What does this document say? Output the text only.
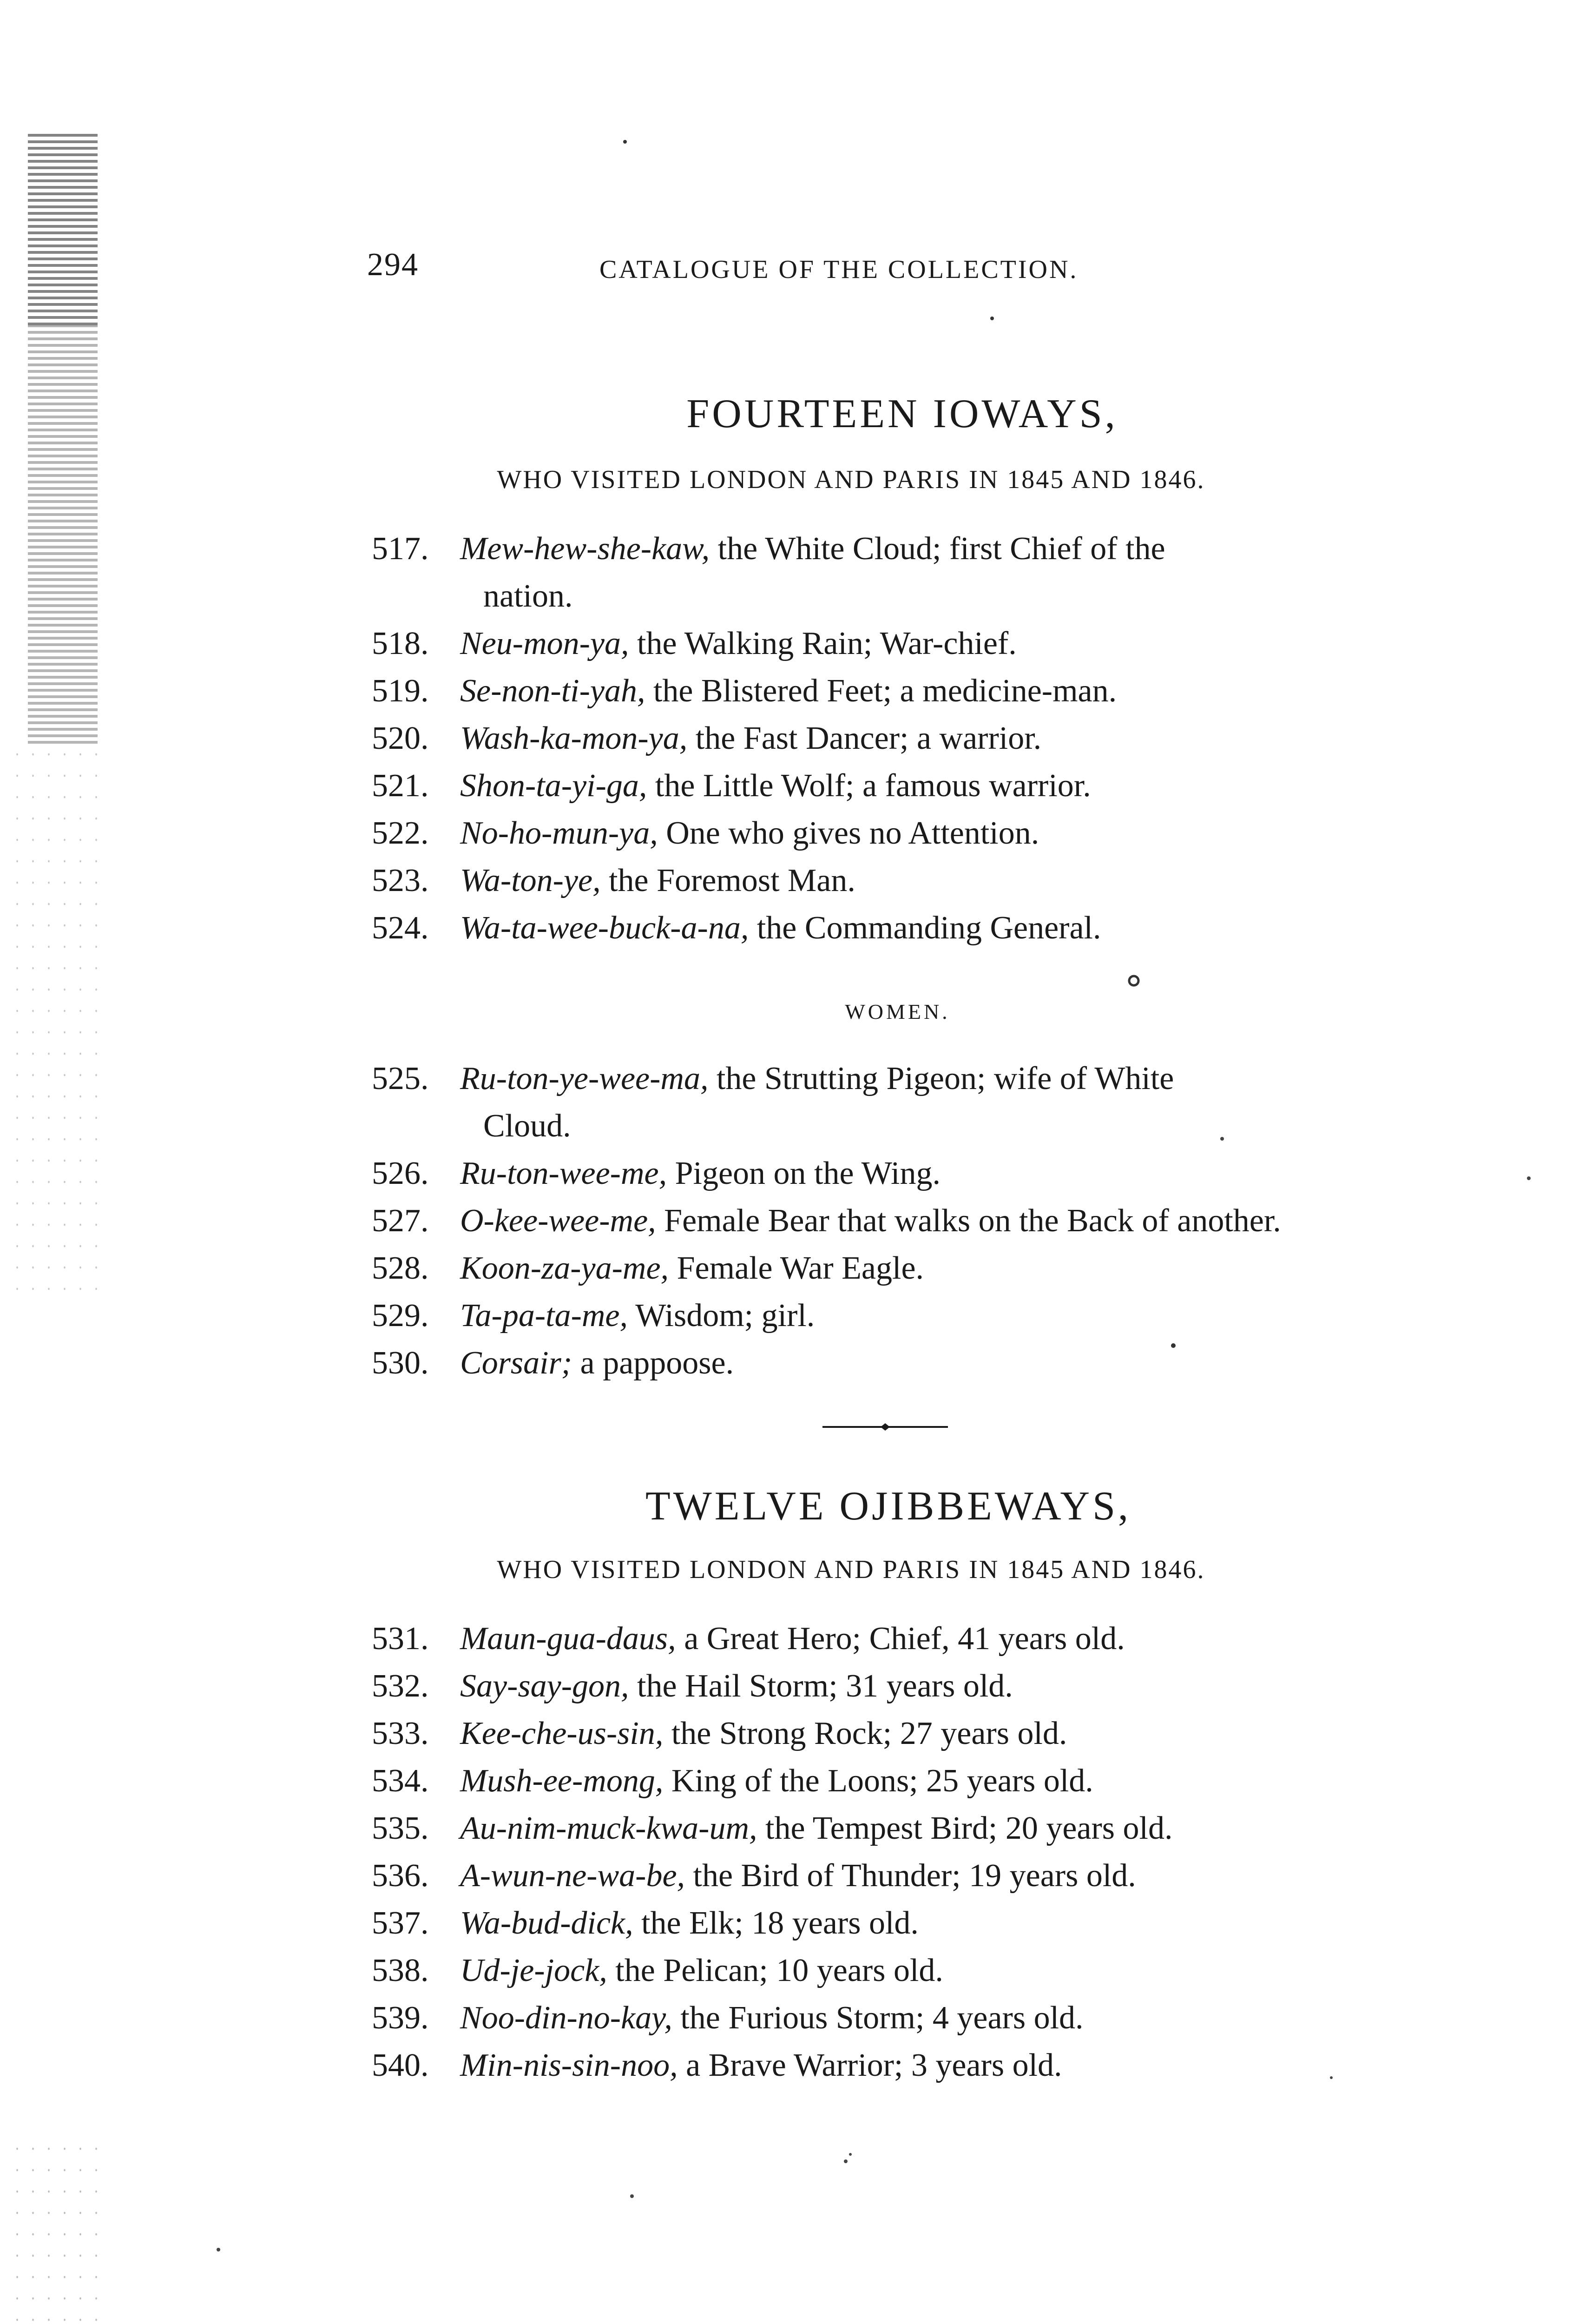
294	CATALOGUE OF THE COLLECTION.
FOURTEEN IOWAYS,
WHO VISITED LONDON AND PARIS IN 1845 AND 1846.
517. Mew-hew-she-kaw, the White Cloud; first Chief of the
nation.
518. Neu-mon-ya, the Walking Rain; War-chief.
519. Se-non-ti-yah, the Blistered Feet; a medicine-man.
520. Wash-ka-mon-ya, the Fast Dancer; a warrior.
521. Shon-ta-yi-ga, the Little Wolf; a famous warrior.
522. No-ho-mun-ya, One who gives no Attention.
523. Wa-ton-ye, the Foremost Man.
524. Wa-ta-wee-buck-a-na, the Commanding General.
WOMEN.
525. Ru-ton-ye-wee-ma, the Strutting Pigeon; wife of White
Cloud.
526. Ru-ton-wee-me, Pigeon on the Wing.
527. O-kee-wee-me, Female Bear that walks on the Back of another.
528. Koon-za-ya-me, Female War Eagle.
529. Ta-pa-ta-me, Wisdom; girl.
530. Corsair; a pappoose.
TWELVE OJIBBEWAYS,
WHO VISITED LONDON AND PARIS IN 1845 AND 1846.
531. Maun-gua-daus, a Great Hero; Chief, 41 years old.
532. Say-say-gon, the Hail Storm; 31 years old.
533. Kee-che-us-sin, the Strong Rock; 27 years old.
534. Mush-ee-mong, King of the Loons; 25 years old.
535. Au-nim-muck-kwa-um, the Tempest Bird; 20 years old.
536. A-wun-ne-wa-be, the Bird of Thunder; 19 years old.
537. Wa-bud-dick, the Elk; 18 years old.
538. Ud-je-jock, the Pelican; 10 years old.
539. Noo-din-no-kay, the Furious Storm; 4 years old.
540. Min-nis-sin-noo, a Brave Warrior; 3 years old.
